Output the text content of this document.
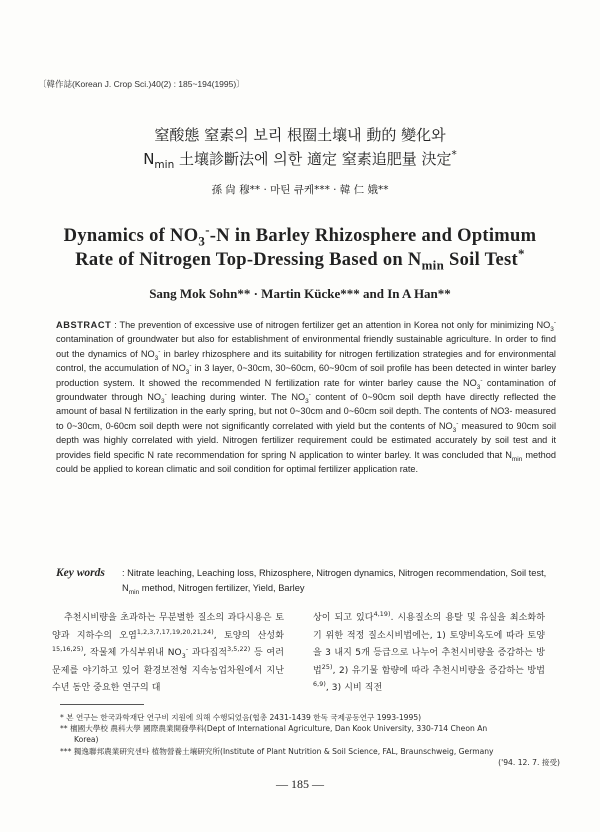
〔韓作誌(Korean J. Crop Sci.)40(2) : 185~194(1995)〕
窒酸態 窒素의 보리 根圈土壤내 動的 變化와
$N_{min}$ 土壤診斷法에 의한 適定 窒素追肥量 決定*
孫 尙 穆** · 마틴 큐케*** · 韓 仁 娥**
Dynamics of $NO_3^--N$ in Barley Rhizosphere and Optimum
Rate of Nitrogen Top-Dressing Based on $N_{min}$ Soil Test*
Sang Mok Sohn** · Martin Kücke*** and In A Han**
ABSTRACT : The prevention of excessive use of nitrogen fertilizer get an attention in Korea not only for minimizing $NO_3^-$ contamination of groundwater but also for establishment of environmental friendly sustainable agriculture. In order to find out the dynamics of $NO_3^-$ in barley rhizosphere and its suitability for nitrogen fertilization strategies and for environmental control, the accumulation of $NO_3^-$ in 3 layer, 0~30cm, 30~60cm, 60~90cm of soil profile has been detected in winter barley production system. It showed the recommended N fertilization rate for winter barley cause the $NO_3^-$ contamination of groundwater through $NO_3^-$ leaching during winter. The $NO_3^-$ content of 0~90cm soil depth have directly reflected the amount of basal N fertilization in the early spring, but not 0~30cm and 0~60cm soil depth. The contents of NO3- measured to 0~30cm, 0-60cm soil depth were not significantly correlated with yield but the contents of $NO_3^-$ measured to 90cm soil depth was highly correlated with yield. Nitrogen fertilizer requirement could be estimated accurately by soil test and it provides field specific N rate recommendation for spring N application to winter barley. It was concluded that $N_{min}$ method could be applied to korean climatic and soil condition for optimal fertilizer application rate.
Key words	: Nitrate leaching, Leaching loss, Rhizosphere, Nitrogen dynamics, Nitrogen recommendation, Soil test, $N_{min}$ method, Nitrogen fertilizer, Yield, Barley
추천시비량을 초과하는 무분별한 질소의 과다시용은 토양과 지하수의 오염$^{1,2,3,7,17,19,20,21,24)}$, 토양의 산성화$^{15,16,25)}$, 작물체 가식부위내 $NO_3^-$ 과다집적$^{3,5,22)}$ 등 여러 문제를 야기하고 있어 환경보전형 지속농업차원에서 지난 수년 동안 중요한 연구의 대
상이 되고 있다$^{4,19)}$. 시용질소의 용탈 및 유실을 최소화하기 위한 적정 질소시비법에는, 1) 토양비옥도에 따라 토양을 3 내지 5개 등급으로 나누어 추천시비량을 증감하는 방법$^{25)}$, 2) 유기물 함량에 따라 추천시비량을 증감하는 방법$^{6,9)}$, 3) 시비 직전
* 본 연구는 한국과학재단 연구비 지원에 의해 수행되었음(협총 2431-1439 한독 국제공동연구 1993-1995)
** 檀國大學校 農科大學 國際農業開發學科(Dept of International Agriculture, Dan Kook University, 330-714 Cheon An
Korea)
*** 獨逸聯邦農業硏究센타 植物營養土壤硏究所(Institute of Plant Nutrition & Soil Science, FAL, Braunschweig, Germany
('94. 12. 7. 接受)
— 185 —
